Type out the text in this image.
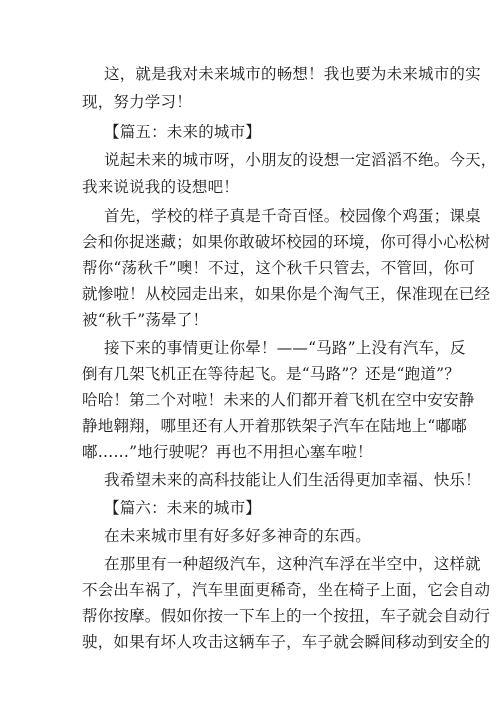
这，就是我对未来城市的畅想！我也要为未来城市的实
现，努力学习！
【篇五：未来的城市】
说起未来的城市呀，小朋友的设想一定滔滔不绝。今天，
我来说说我的设想吧！
首先，学校的样子真是千奇百怪。校园像个鸡蛋；课桌
会和你捉迷藏；如果你敢破坏校园的环境，你可得小心松树
帮你“荡秋千”噢！不过，这个秋千只管去，不管回，你可
就惨啦！从校园走出来，如果你是个淘气王，保准现在已经
被“秋千”荡晕了！
接下来的事情更让你晕！——“马路”上没有汽车，反
倒有几架飞机正在等待起飞。是“马路”？还是“跑道”？
哈哈！第二个对啦！未来的人们都开着飞机在空中安安静
静地翱翔，哪里还有人开着那铁架子汽车在陆地上“嘟嘟
嘟……”地行驶呢？再也不用担心塞车啦！
我希望未来的高科技能让人们生活得更加幸福、快乐！
【篇六：未来的城市】
在未来城市里有好多好多神奇的东西。
在那里有一种超级汽车，这种汽车浮在半空中，这样就
不会出车祸了，汽车里面更稀奇，坐在椅子上面，它会自动
帮你按摩。假如你按一下车上的一个按扭，车子就会自动行
驶，如果有坏人攻击这辆车子，车子就会瞬间移动到安全的
